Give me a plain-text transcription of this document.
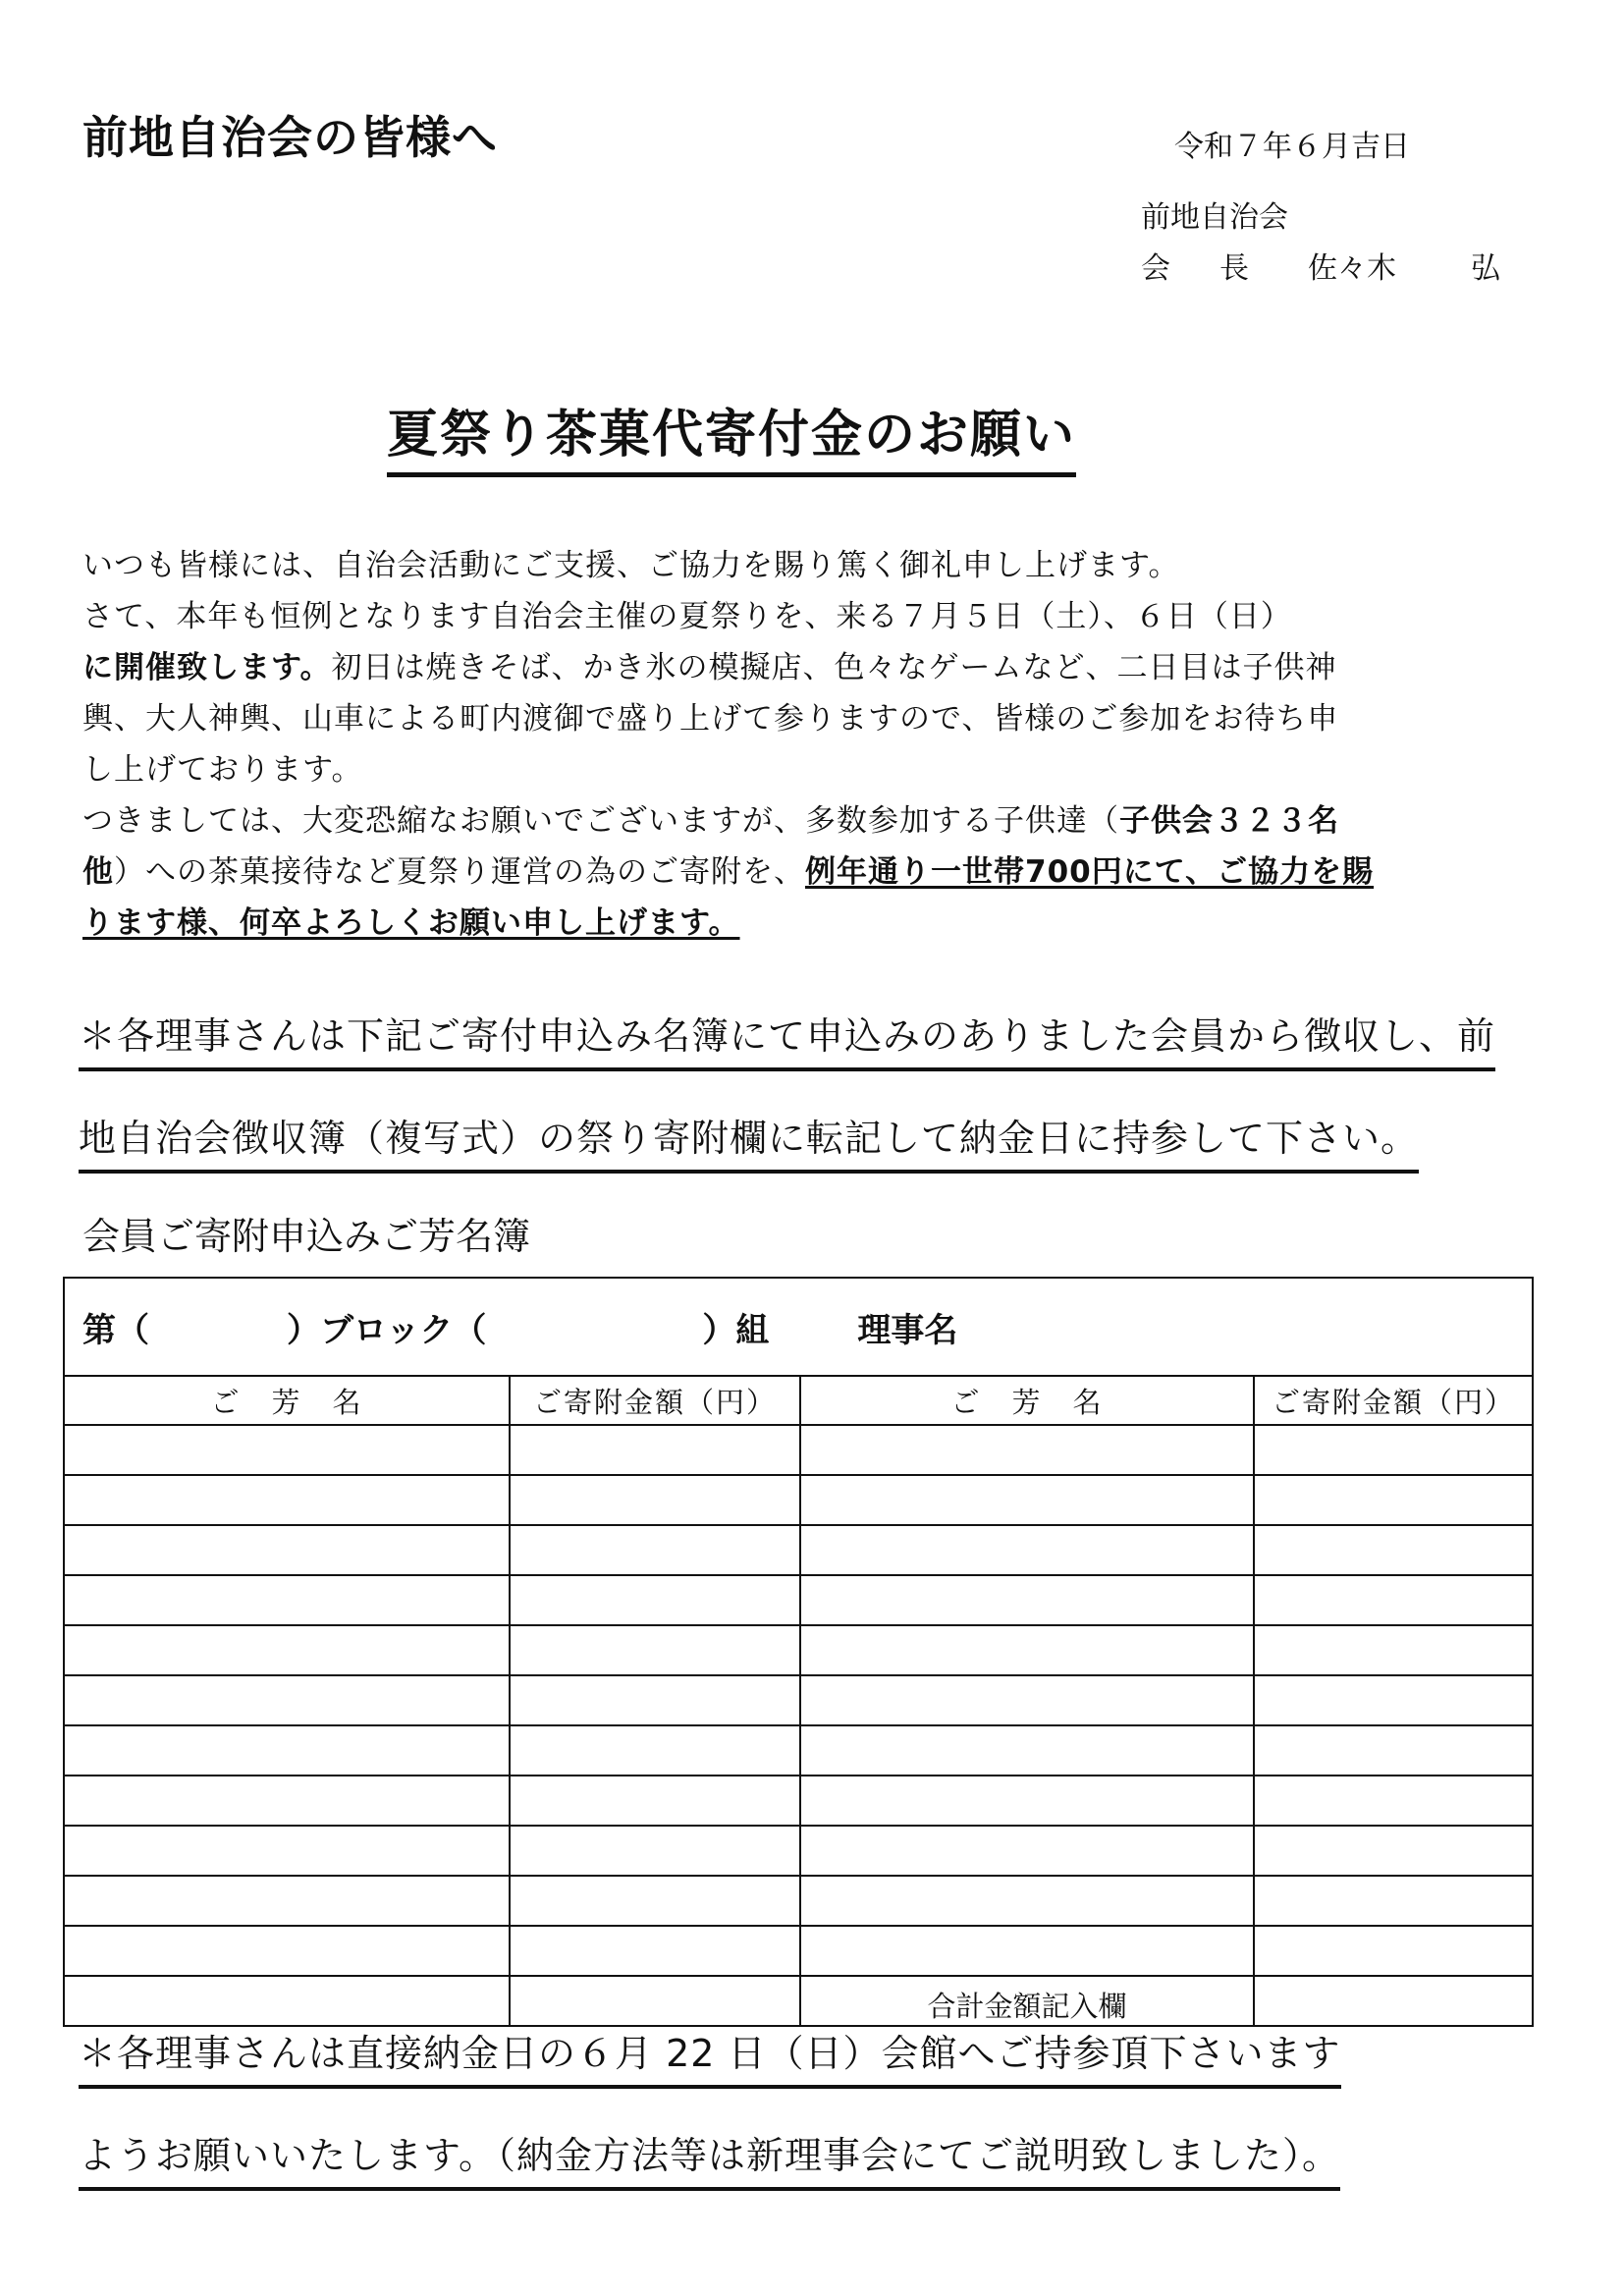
前地自治会の皆様へ	令和７年６月吉日
前地自治会
会 長 佐々木	弘
夏祭り茶菓代寄付金のお願い
いつも皆様には、自治会活動にご支援、ご協力を賜り篤く御礼申し上げます。
さて、本年も恒例となります自治会主催の夏祭りを、来る７月５日（土）、６日（日）
に開催致します。初日は焼きそば、かき氷の模擬店、色々なゲームなど、二日目は子供神
輿、大人神輿、山車による町内渡御で盛り上げて参りますので、皆様のご参加をお待ち申
し上げております。
つきましては、大変恐縮なお願いでございますが、多数参加する子供達（子供会３２３名
他）への茶菓接待など夏祭り運営の為のご寄附を、例年通り一世帯700円にて、ご協力を賜
ります様、何卒よろしくお願い申し上げます。
＊各理事さんは下記ご寄付申込み名簿にて申込みのありました会員から徴収し、前
地自治会徴収簿（複写式）の祭り寄附欄に転記して納金日に持参して下さい。
会員ご寄附申込みご芳名簿
第（ ）ブロック（ ）組 理事名			
ご　芳　名	ご寄附金額（円）	ご　芳　名	ご寄附金額（円）

		合計金額記入欄	
＊各理事さんは直接納金日の６月 22 日（日）会館へご持参頂下さいます
ようお願いいたします。（納金方法等は新理事会にてご説明致しました）。
